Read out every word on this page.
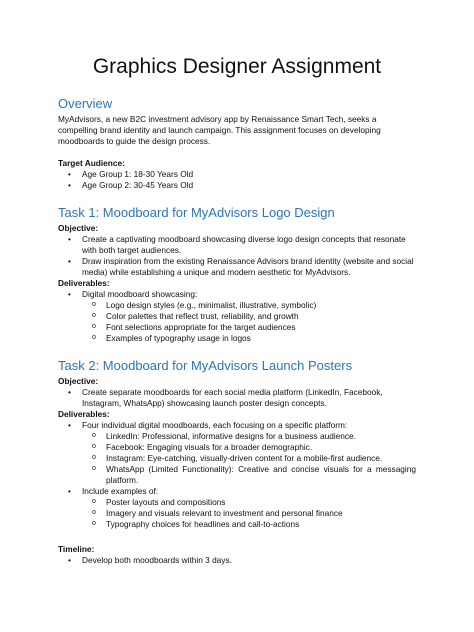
Graphics Designer Assignment
Overview

MyAdvisors, a new B2C investment advisory app by Renaissance Smart Tech, seeks a compelling brand identity and launch campaign. This assignment focuses on developing moodboards to guide the design process.

Target Audience:

• Age Group 1: 18-30 Years Old
• Age Group 2: 30-45 Years Old
Task 1: Moodboard for MyAdvisors Logo Design

Objective:

• Create a captivating moodboard showcasing diverse logo design concepts that resonate with both target audiences.
• Draw inspiration from the existing Renaissance Advisors brand identity (website and social media) while establishing a unique and modern aesthetic for MyAdvisors.

Deliverables:

• Digital moodboard showcasing:
o Logo design styles (e.g., minimalist, illustrative, symbolic)
o Color palettes that reflect trust, reliability, and growth
o Font selections appropriate for the target audiences
o Examples of typography usage in logos
Task 2: Moodboard for MyAdvisors Launch Posters

Objective:

• Create separate moodboards for each social media platform (LinkedIn, Facebook, Instagram, WhatsApp) showcasing launch poster design concepts.

Deliverables:

• Four individual digital moodboards, each focusing on a specific platform:
o LinkedIn: Professional, informative designs for a business audience.
o Facebook: Engaging visuals for a broader demographic.
o Instagram: Eye-catching, visually-driven content for a mobile-first audience.
o WhatsApp (Limited Functionality): Creative and concise visuals for a messaging platform.
• Include examples of:
o Poster layouts and compositions
o Imagery and visuals relevant to investment and personal finance
o Typography choices for headlines and call-to-actions

Timeline:

• Develop both moodboards within 3 days.
